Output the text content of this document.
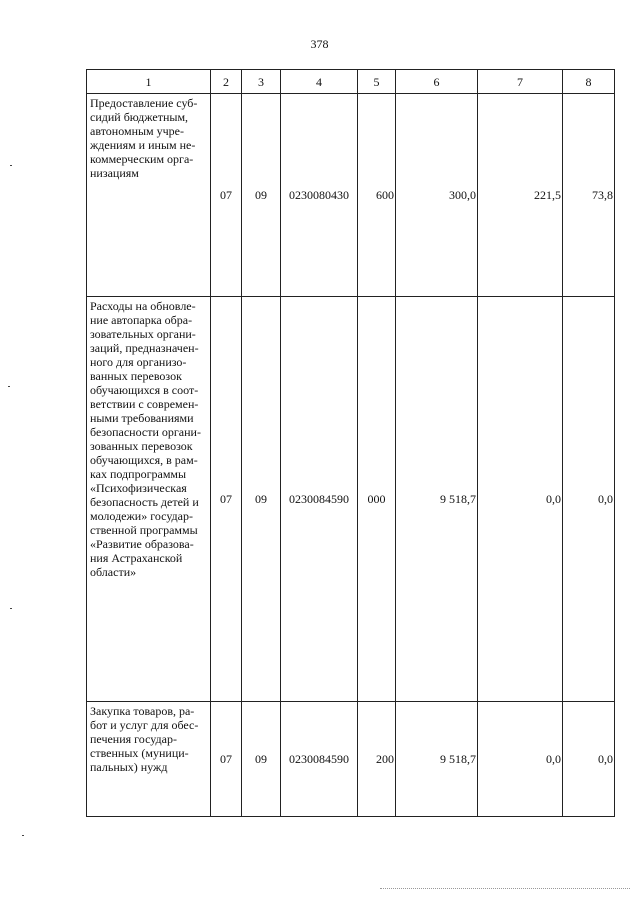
378
1	2	3	4	5	6	7	8
Предоставление суб-сидий бюджетным, автономным учре-ждениям и иным не-коммерческим орга-низациям	07	09	0230080430	600	300,0	221,5	73,8
Расходы на обновле-ние автопарка обра-зовательных органи-заций, предназначен-ного для организо-ванных перевозок обучающихся в соот-ветствии с современ-ными требованиями безопасности органи-зованных перевозок обучающихся, в рам-ках подпрограммы «Психофизическая безопасность детей и молодежи» государ-ственной программы «Развитие образова-ния Астраханской области»	07	09	0230084590	000	9 518,7	0,0	0,0
Закупка товаров, ра-бот и услуг для обес-печения государ-ственных (муници-пальных) нужд	07	09	0230084590	200	9 518,7	0,0	0,0
